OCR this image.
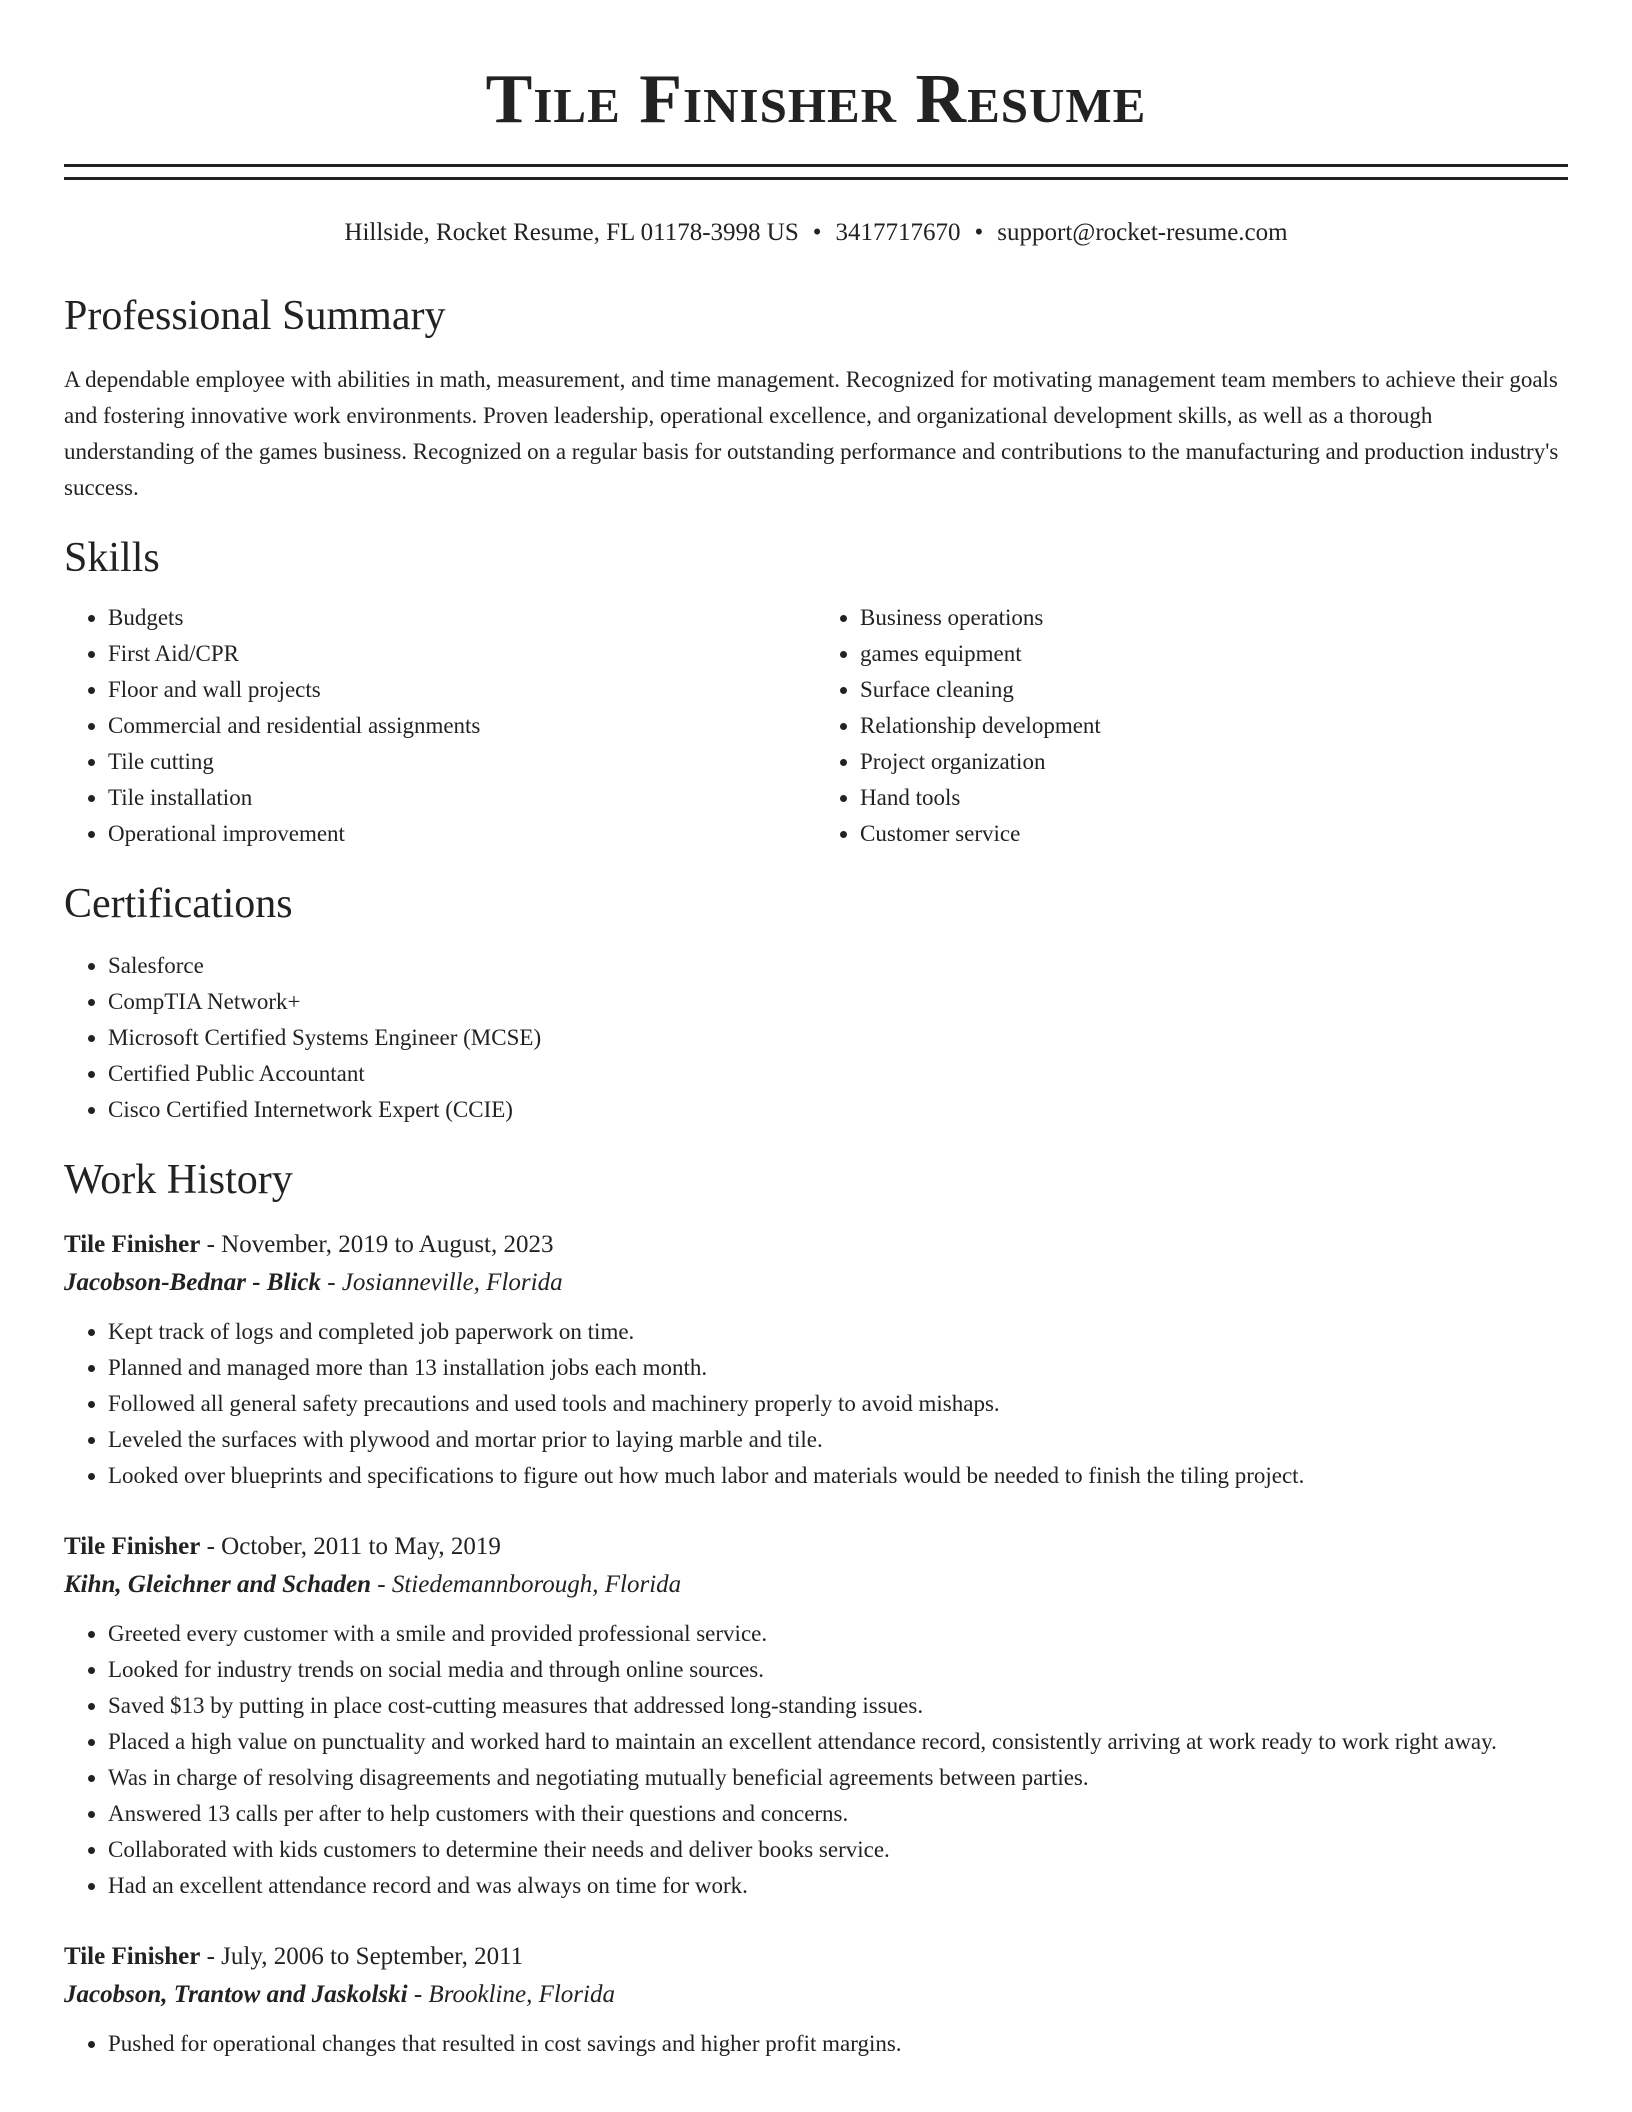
Tile Finisher Resume
Hillside, Rocket Resume, FL 01178-3998 US • 3417717670 • support@rocket-resume.com
Professional Summary
A dependable employee with abilities in math, measurement, and time management. Recognized for motivating management team members to achieve their goals and fostering innovative work environments. Proven leadership, operational excellence, and organizational development skills, as well as a thorough understanding of the games business. Recognized on a regular basis for outstanding performance and contributions to the manufacturing and production industry's success.
Skills
• Budgets
• First Aid/CPR
• Floor and wall projects
• Commercial and residential assignments
• Tile cutting
• Tile installation
• Operational improvement
• Business operations
• games equipment
• Surface cleaning
• Relationship development
• Project organization
• Hand tools
• Customer service
Certifications
• Salesforce
• CompTIA Network+
• Microsoft Certified Systems Engineer (MCSE)
• Certified Public Accountant
• Cisco Certified Internetwork Expert (CCIE)
Work History
Tile Finisher - November, 2019 to August, 2023
Jacobson-Bednar - Blick - Josianneville, Florida
• Kept track of logs and completed job paperwork on time.
• Planned and managed more than 13 installation jobs each month.
• Followed all general safety precautions and used tools and machinery properly to avoid mishaps.
• Leveled the surfaces with plywood and mortar prior to laying marble and tile.
• Looked over blueprints and specifications to figure out how much labor and materials would be needed to finish the tiling project.
Tile Finisher - October, 2011 to May, 2019
Kihn, Gleichner and Schaden - Stiedemannborough, Florida
• Greeted every customer with a smile and provided professional service.
• Looked for industry trends on social media and through online sources.
• Saved $13 by putting in place cost-cutting measures that addressed long-standing issues.
• Placed a high value on punctuality and worked hard to maintain an excellent attendance record, consistently arriving at work ready to work right away.
• Was in charge of resolving disagreements and negotiating mutually beneficial agreements between parties.
• Answered 13 calls per after to help customers with their questions and concerns.
• Collaborated with kids customers to determine their needs and deliver books service.
• Had an excellent attendance record and was always on time for work.
Tile Finisher - July, 2006 to September, 2011
Jacobson, Trantow and Jaskolski - Brookline, Florida
• Pushed for operational changes that resulted in cost savings and higher profit margins.
